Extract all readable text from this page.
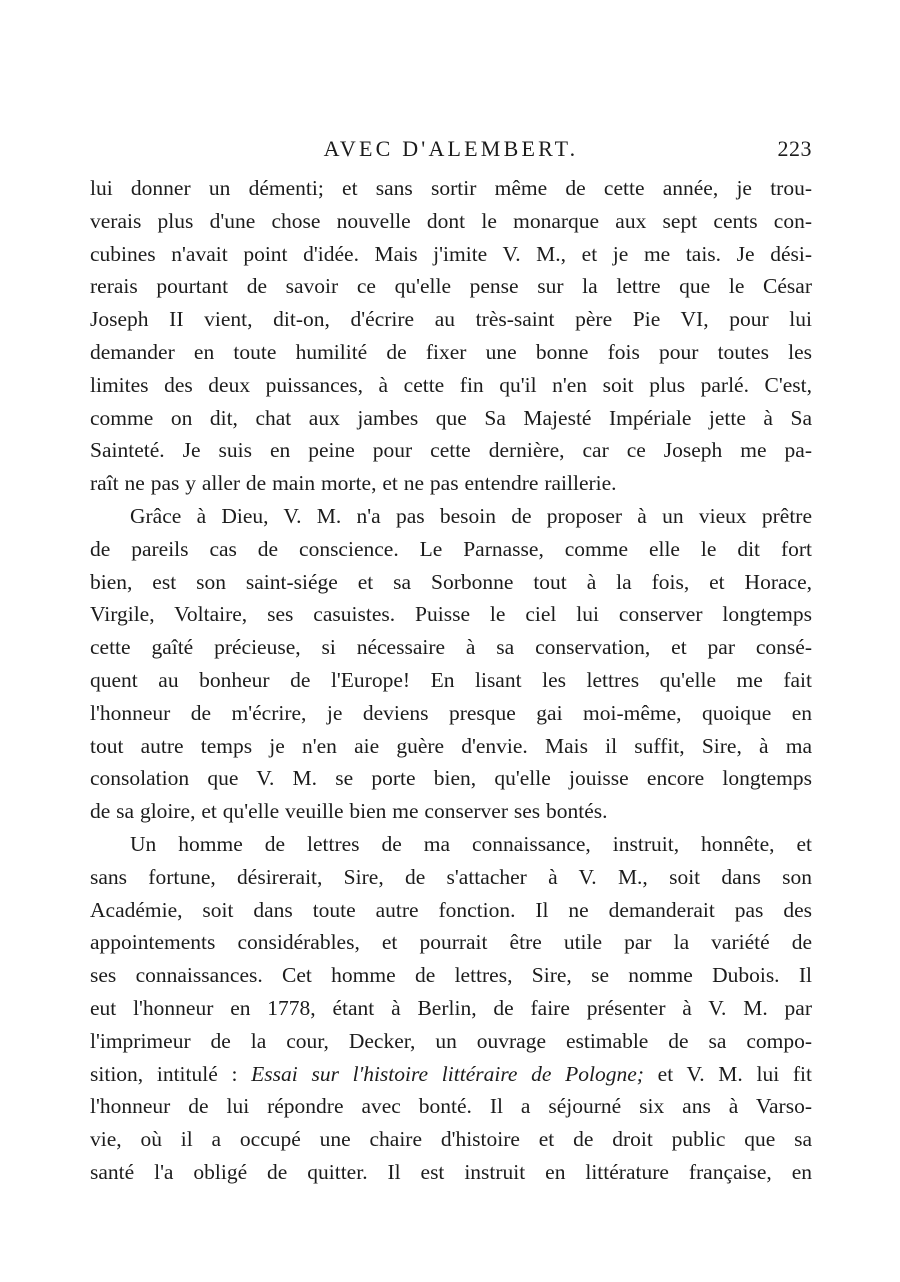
AVEC D'ALEMBERT.	223
lui donner un démenti; et sans sortir même de cette année, je trou-
verais plus d'une chose nouvelle dont le monarque aux sept cents con-
cubines n'avait point d'idée. Mais j'imite V. M., et je me tais. Je dési-
rerais pourtant de savoir ce qu'elle pense sur la lettre que le César
Joseph II vient, dit-on, d'écrire au très-saint père Pie VI, pour lui
demander en toute humilité de fixer une bonne fois pour toutes les
limites des deux puissances, à cette fin qu'il n'en soit plus parlé. C'est,
comme on dit, chat aux jambes que Sa Majesté Impériale jette à Sa
Sainteté. Je suis en peine pour cette dernière, car ce Joseph me pa-
raît ne pas y aller de main morte, et ne pas entendre raillerie.
Grâce à Dieu, V. M. n'a pas besoin de proposer à un vieux prêtre
de pareils cas de conscience. Le Parnasse, comme elle le dit fort
bien, est son saint-siége et sa Sorbonne tout à la fois, et Horace,
Virgile, Voltaire, ses casuistes. Puisse le ciel lui conserver longtemps
cette gaîté précieuse, si nécessaire à sa conservation, et par consé-
quent au bonheur de l'Europe! En lisant les lettres qu'elle me fait
l'honneur de m'écrire, je deviens presque gai moi-même, quoique en
tout autre temps je n'en aie guère d'envie. Mais il suffit, Sire, à ma
consolation que V. M. se porte bien, qu'elle jouisse encore longtemps
de sa gloire, et qu'elle veuille bien me conserver ses bontés.
Un homme de lettres de ma connaissance, instruit, honnête, et
sans fortune, désirerait, Sire, de s'attacher à V. M., soit dans son
Académie, soit dans toute autre fonction. Il ne demanderait pas des
appointements considérables, et pourrait être utile par la variété de
ses connaissances. Cet homme de lettres, Sire, se nomme Dubois. Il
eut l'honneur en 1778, étant à Berlin, de faire présenter à V. M. par
l'imprimeur de la cour, Decker, un ouvrage estimable de sa compo-
sition, intitulé : Essai sur l'histoire littéraire de Pologne; et V. M. lui fit
l'honneur de lui répondre avec bonté. Il a séjourné six ans à Varso-
vie, où il a occupé une chaire d'histoire et de droit public que sa
santé l'a obligé de quitter. Il est instruit en littérature française, en
